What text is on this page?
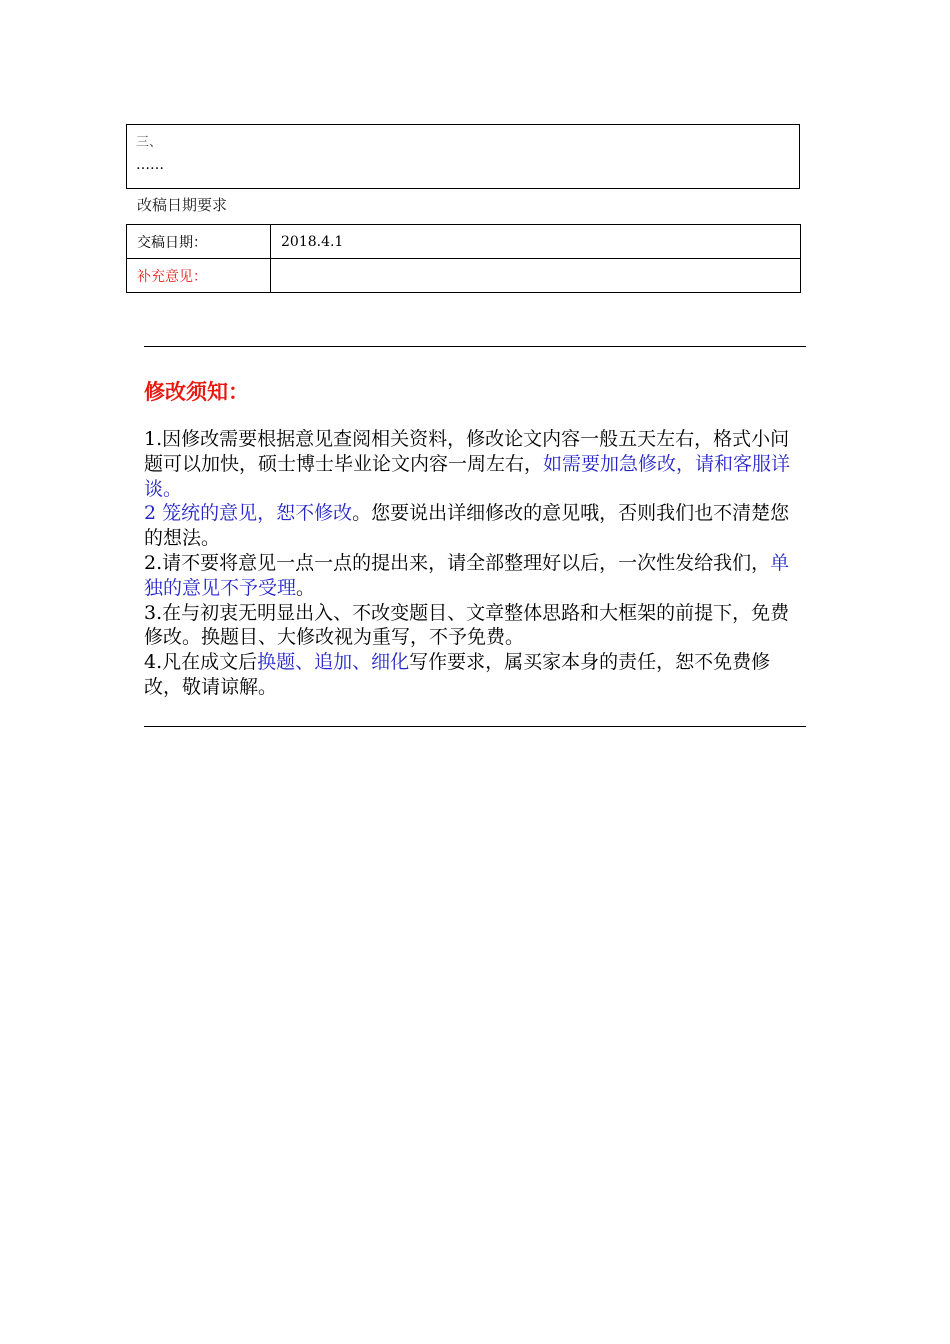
三、
……
改稿日期要求
交稿日期：	2018.4.1
补充意见：	
修改须知：

1.因修改需要根据意见查阅相关资料，修改论文内容一般五天左右，格式小问题可以加快，硕士博士毕业论文内容一周左右，如需要加急修改，请和客服详谈。

2 笼统的意见，恕不修改。您要说出详细修改的意见哦，否则我们也不清楚您的想法。

2.请不要将意见一点一点的提出来，请全部整理好以后，一次性发给我们，单独的意见不予受理。

3.在与初衷无明显出入、不改变题目、文章整体思路和大框架的前提下，免费修改。换题目、大修改视为重写，不予免费。

4.凡在成文后换题、追加、细化写作要求，属买家本身的责任，恕不免费修改，敬请谅解。
